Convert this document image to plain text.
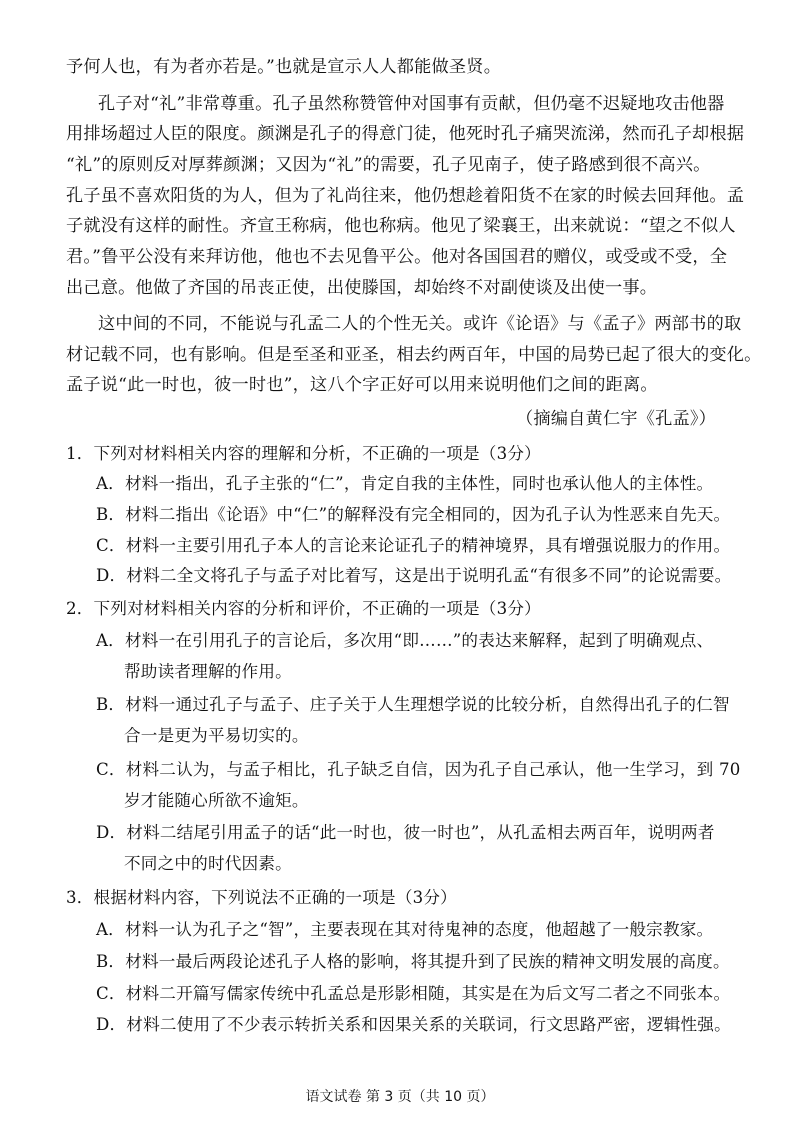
予何人也，有为者亦若是。”也就是宣示人人都能做圣贤。
孔子对“礼”非常尊重。孔子虽然称赞管仲对国事有贡献，但仍毫不迟疑地攻击他器
用排场超过人臣的限度。颜渊是孔子的得意门徒，他死时孔子痛哭流涕，然而孔子却根据
“礼”的原则反对厚葬颜渊；又因为“礼”的需要，孔子见南子，使子路感到很不高兴。
孔子虽不喜欢阳货的为人，但为了礼尚往来，他仍想趁着阳货不在家的时候去回拜他。孟
子就没有这样的耐性。齐宣王称病，他也称病。他见了梁襄王，出来就说：“望之不似人
君。”鲁平公没有来拜访他，他也不去见鲁平公。他对各国国君的赠仪，或受或不受，全
出己意。他做了齐国的吊丧正使，出使滕国，却始终不对副使谈及出使一事。
这中间的不同，不能说与孔孟二人的个性无关。或许《论语》与《孟子》两部书的取
材记载不同，也有影响。但是至圣和亚圣，相去约两百年，中国的局势已起了很大的变化。
孟子说“此一时也，彼一时也”，这八个字正好可以用来说明他们之间的距离。
（摘编自黄仁宇《孔孟》）
1．下列对材料相关内容的理解和分析，不正确的一项是（3分）
A．材料一指出，孔子主张的“仁”，肯定自我的主体性，同时也承认他人的主体性。
B．材料二指出《论语》中“仁”的解释没有完全相同的，因为孔子认为性恶来自先天。
C．材料一主要引用孔子本人的言论来论证孔子的精神境界，具有增强说服力的作用。
D．材料二全文将孔子与孟子对比着写，这是出于说明孔孟“有很多不同”的论说需要。
2．下列对材料相关内容的分析和评价，不正确的一项是（3分）
A．材料一在引用孔子的言论后，多次用“即……”的表达来解释，起到了明确观点、
帮助读者理解的作用。
B．材料一通过孔子与孟子、庄子关于人生理想学说的比较分析，自然得出孔子的仁智
合一是更为平易切实的。
C．材料二认为，与孟子相比，孔子缺乏自信，因为孔子自己承认，他一生学习，到 70
岁才能随心所欲不逾矩。
D．材料二结尾引用孟子的话“此一时也，彼一时也”，从孔孟相去两百年，说明两者
不同之中的时代因素。
3．根据材料内容，下列说法不正确的一项是（3分）
A．材料一认为孔子之“智”，主要表现在其对待鬼神的态度，他超越了一般宗教家。
B．材料一最后两段论述孔子人格的影响，将其提升到了民族的精神文明发展的高度。
C．材料二开篇写儒家传统中孔孟总是形影相随，其实是在为后文写二者之不同张本。
D．材料二使用了不少表示转折关系和因果关系的关联词，行文思路严密，逻辑性强。
语文试卷 第 3 页（共 10 页）
